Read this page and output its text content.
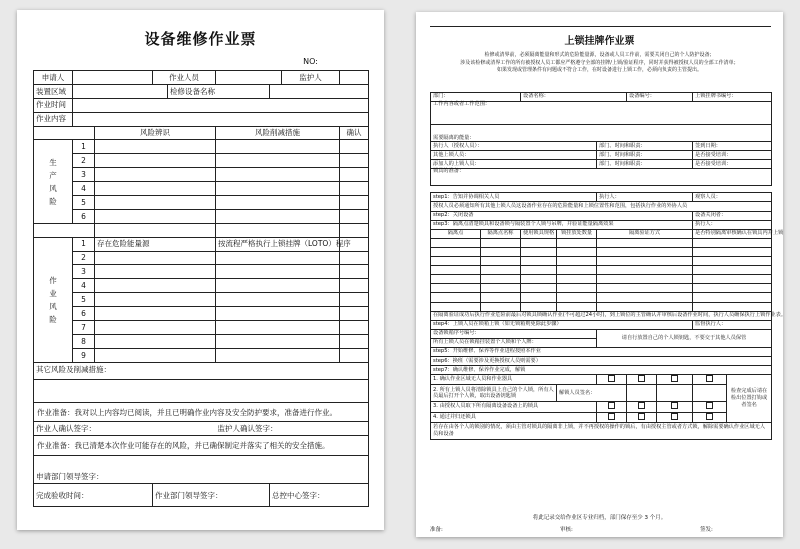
设备维修作业票
NO:
申请人			作业人员				监护人	
装置区域				检修设备名称				
作业时间								
作业内容								
		风险辨识			风险削减措施			确认
生产风险	1							
	2							
	3							
	4							
	5							
	6							

作业风险	1	存在危险能量源			按流程严格执行上锁挂牌（LOTO）程序			
	2							
	3							
	4							
	5							
	6							
	7							
	8							
	9							
其它风险及削减措施：								

作业准备：我对以上内容均已阅读，并且已明确作业内容及安全防护要求，准备进行作业。								
作业人确认签字：					监护人确认签字：			
作业准备：我已清楚本次作业可能存在的风险，并已确保制定并落实了相关的安全措施。								
申请部门领导签字：								
完成验收时间：			作业部门领导签字：			总控中心签字：		
上锁挂牌作业票
检修或清界前，必须隔离能量和形式的危险能量源，设备或人员工作前，需要关闭自己的个人防护设备；
涉及该检修或清界工作的所有被授权人员工都应严格遵守全部的挂牌/上锁/验证程序，同时并获得被授权人员的全部工作清单；
如果发现或管理条件有问题或不符合工作，在时设备进行上锁工作，必须向负责的主管提出。
部门：		设备名称：			设备编号：		上锁挂牌书编号：	
工作内容或者工作范围：								
需要隔离的能量：								
执行人（授权人员）：				部门、时间和职责：			签到日期：	
其他上锁人员：				部门、时间和职责：			是否接受培训：	
添加人的上锁人员：				部门、时间和职责：			是否接受培训：	
锁具的准备：								

step1：告知并协调相关人员				执行人：			观察人员：	
授权人员必须通知所有其他上锁人员这设备作业存在的危险能量和上锁位置性和范围，包括执行作业的外协人员								
step2：关闭设备							设备关闭者：	
step3：隔离点清楚锁具和设备锁与隔装置个人锁与吊牌，并验证能量隔离效果							执行人：	
隔离点	隔离点名称	使用锁具规格	锁挂放处数量	隔离验证方式			是否特别隔离审核确认在锁具内并上锁	

在隔离验证成功后执行作业危险前最后对锁具锁确认作业(不可超过24小时)，到上锁位的主管确认并审核后设备作业时间，执行人员确保执行上锁作业表。								
step4：上锁人员在锁箱上锁（如无锁箱则免除此步骤）							监督执行人：	
设备锁箱序号编号：				请自行放置自己的个人锁钥匙，不要交于其他人员保管				
所有上锁人员在锁箱挂装置个人锁和个人牌：								
step5：开始维修、保养等作业进程按照本作业								
step6：换班（需要涉及更换授权人员则需要）								
step7：确认维修、保养作业完成，解锁								
1. 确认作业区域无人员和作业器具								检查完成后请在检出位置打钩或者签名
2. 所有上锁人员将清除锁具上自己的个人锁，所有人员最后打开个人锁，取出设备钥匙锁			解锁人员签名：					
3. 由授权人员取下所有隔离设备设备上的锁具								
4. 通过并归还锁具								
若存在由各个人的锁别的情况，须由主管对锁具的隔离非上锁，并不再授权的操作的锁后，有由授权主管或者方式锁，解除需要确认作业区域无人员和设备								
将此记录交给作业区专业归档，部门保存至少 3 个月。
准备:	审核:	签发:
